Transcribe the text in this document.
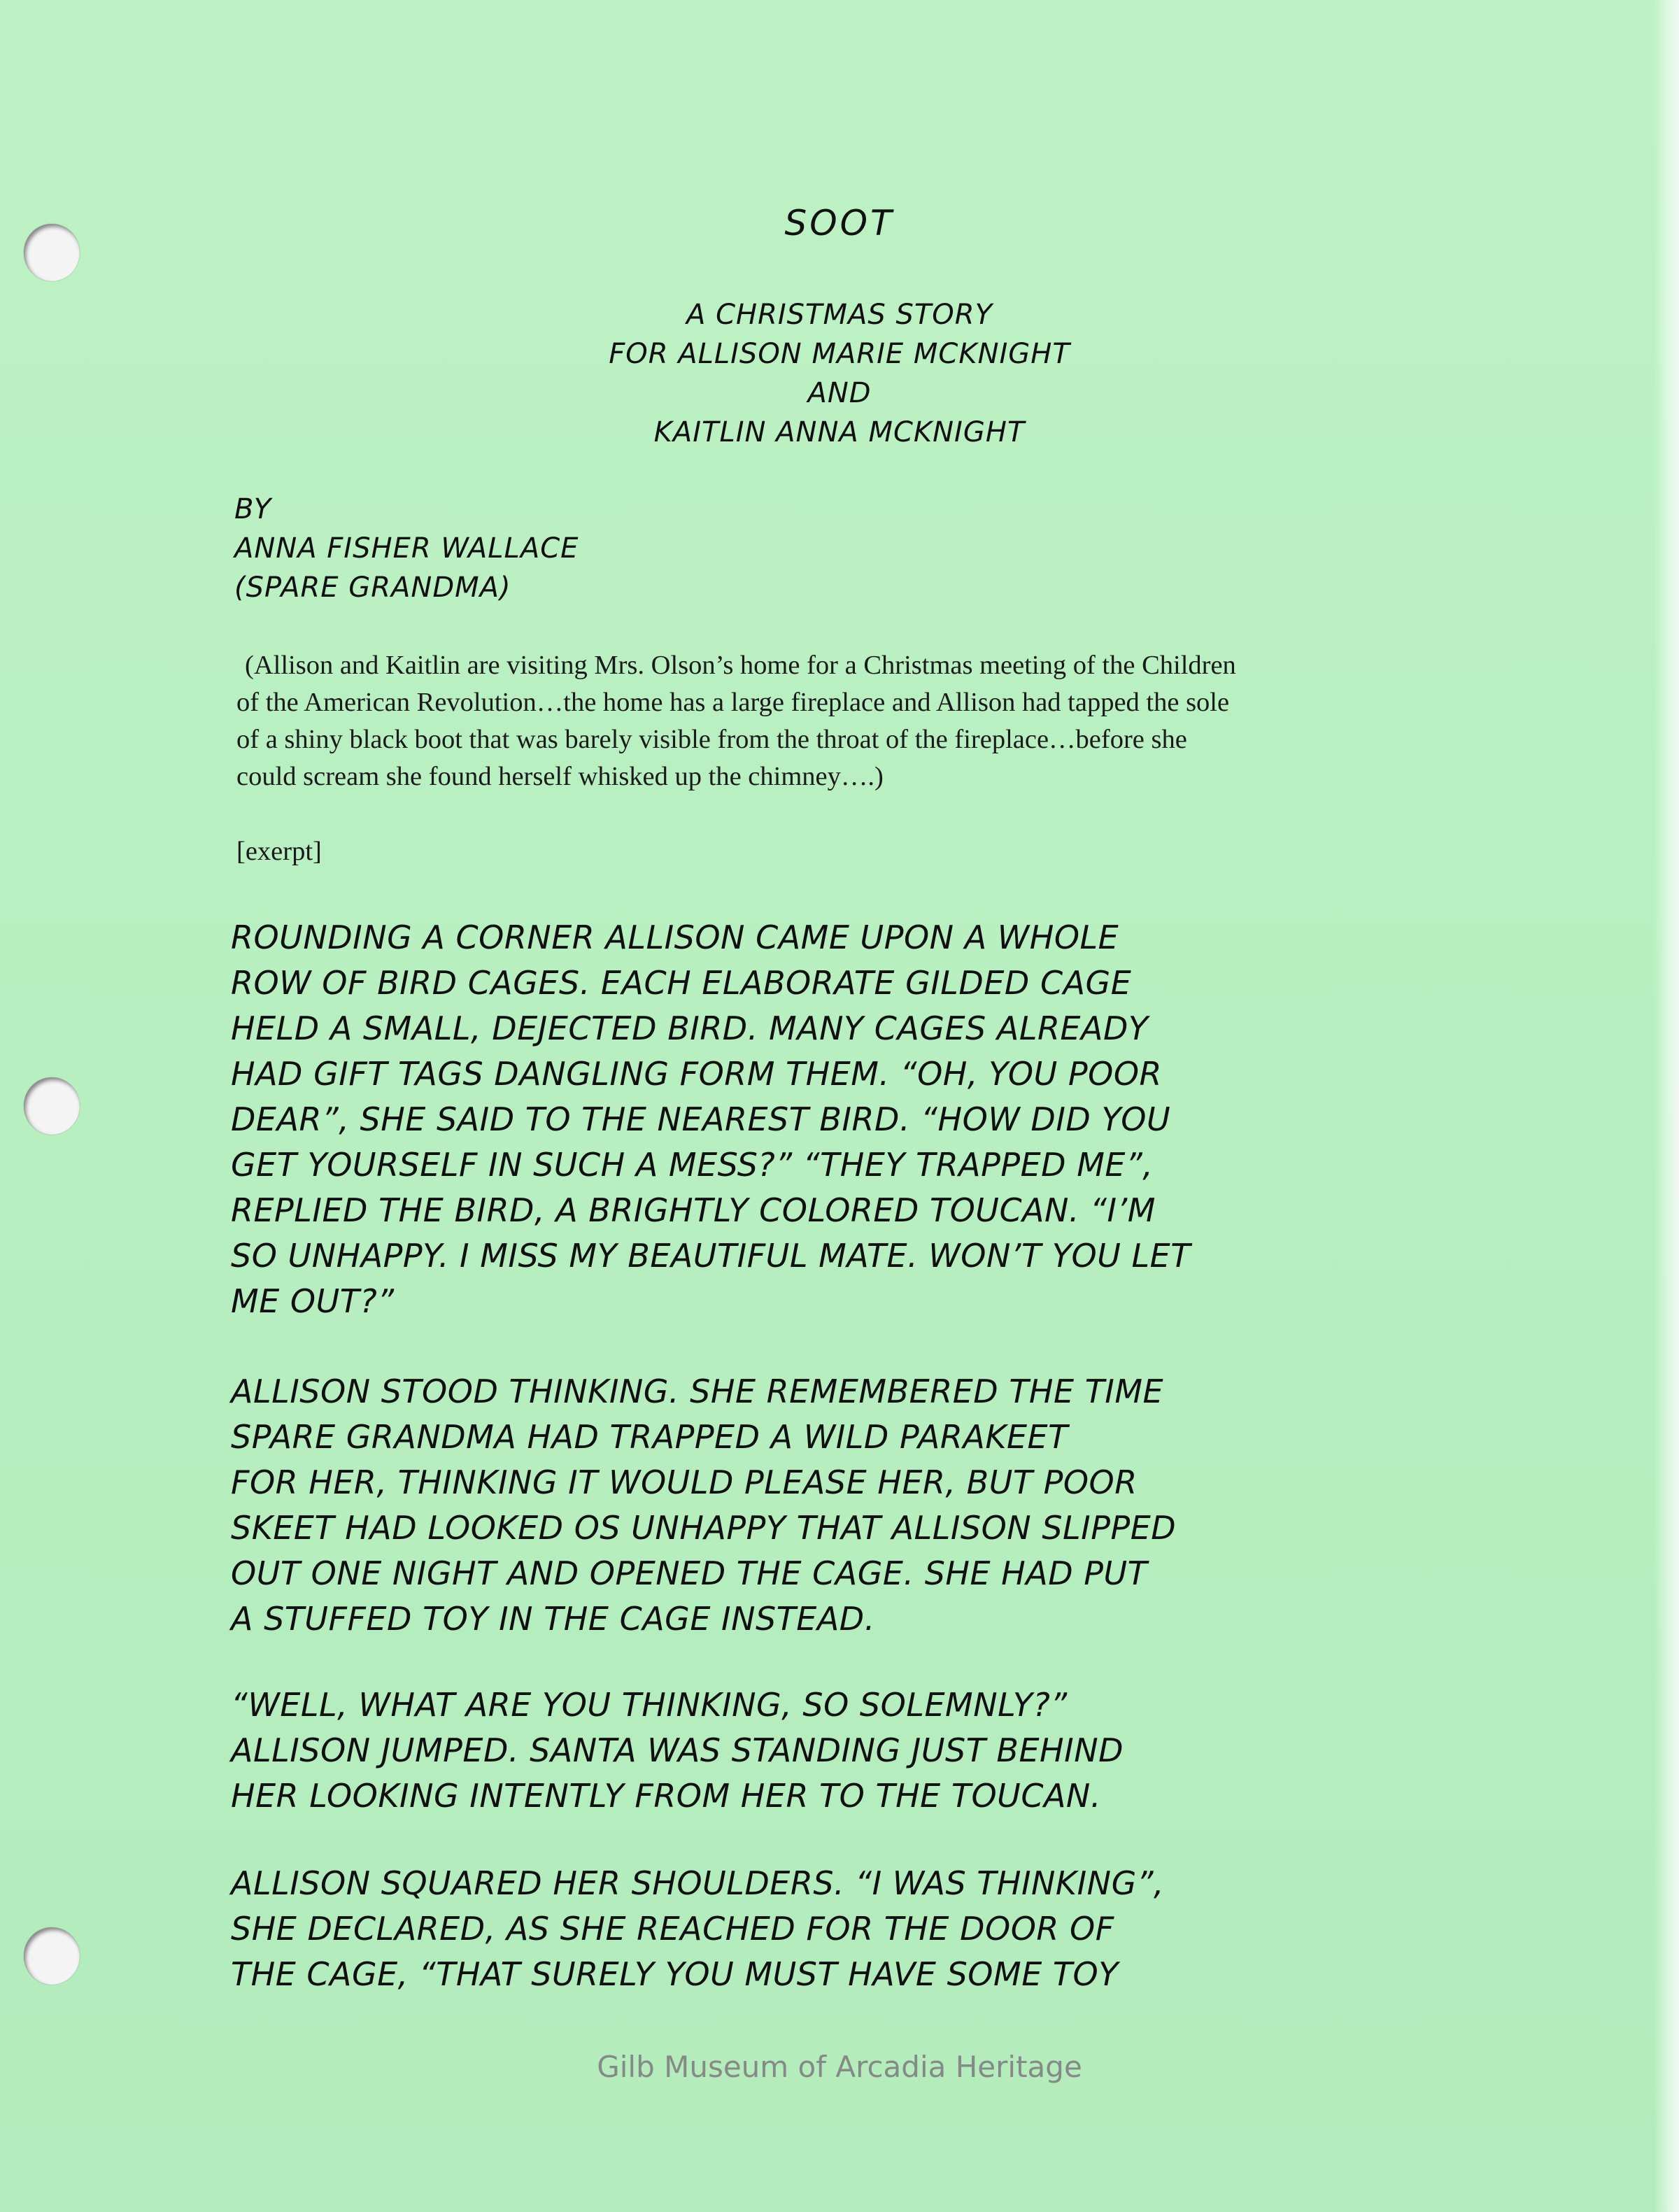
SOOT
A CHRISTMAS STORY
FOR ALLISON MARIE MCKNIGHT
AND
KAITLIN ANNA MCKNIGHT
BY
ANNA FISHER WALLACE
(SPARE GRANDMA)
(Allison and Kaitlin are visiting Mrs. Olson’s home for a Christmas meeting of the Children
of the American Revolution…the home has a large fireplace and Allison had tapped the sole
of a shiny black boot that was barely visible from the throat of the fireplace…before she
could scream she found herself whisked up the chimney….)
[exerpt]
ROUNDING A CORNER ALLISON CAME UPON A WHOLE
ROW OF BIRD CAGES. EACH ELABORATE GILDED CAGE
HELD A SMALL, DEJECTED BIRD. MANY CAGES ALREADY
HAD GIFT TAGS DANGLING FORM THEM. “OH, YOU POOR
DEAR”, SHE SAID TO THE NEAREST BIRD. “HOW DID YOU
GET YOURSELF IN SUCH A MESS?” “THEY TRAPPED ME”,
REPLIED THE BIRD, A BRIGHTLY COLORED TOUCAN. “I’M
SO UNHAPPY. I MISS MY BEAUTIFUL MATE. WON’T YOU LET
ME OUT?”
ALLISON STOOD THINKING. SHE REMEMBERED THE TIME
SPARE GRANDMA HAD TRAPPED A WILD PARAKEET
FOR HER, THINKING IT WOULD PLEASE HER, BUT POOR
SKEET HAD LOOKED OS UNHAPPY THAT ALLISON SLIPPED
OUT ONE NIGHT AND OPENED THE CAGE. SHE HAD PUT
A STUFFED TOY IN THE CAGE INSTEAD.
“WELL, WHAT ARE YOU THINKING, SO SOLEMNLY?”
ALLISON JUMPED. SANTA WAS STANDING JUST BEHIND
HER LOOKING INTENTLY FROM HER TO THE TOUCAN.
ALLISON SQUARED HER SHOULDERS. “I WAS THINKING”,
SHE DECLARED, AS SHE REACHED FOR THE DOOR OF
THE CAGE, “THAT SURELY YOU MUST HAVE SOME TOY
Gilb Museum of Arcadia Heritage
